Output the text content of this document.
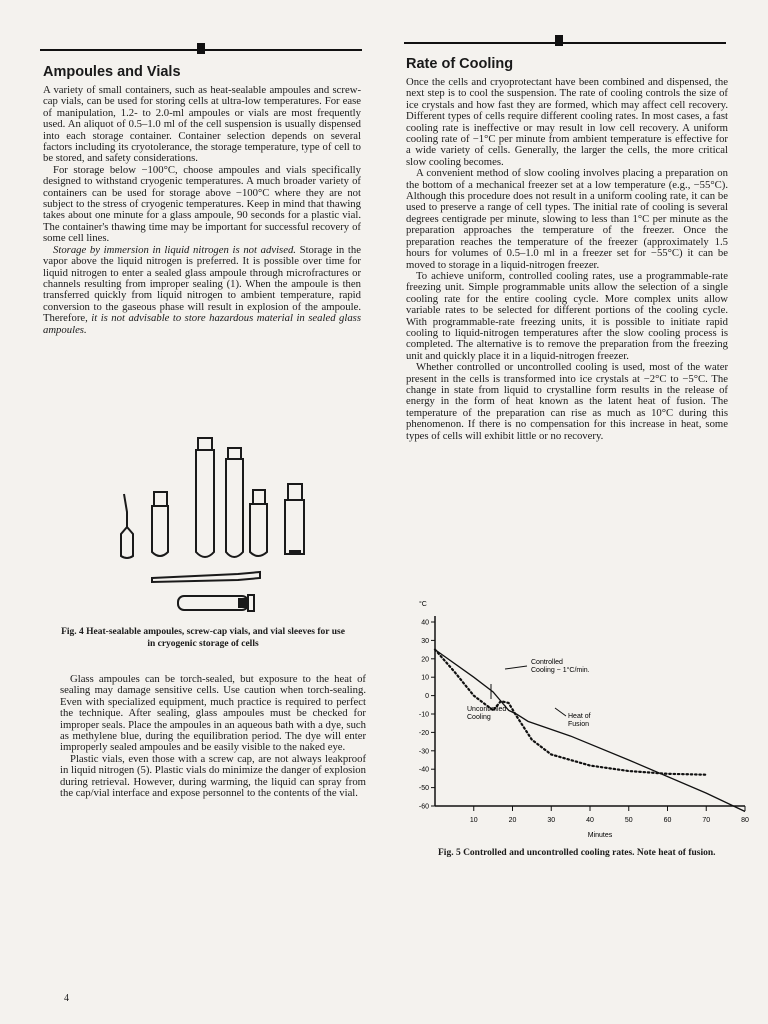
Ampoules and Vials

A variety of small containers, such as heat-sealable ampoules and screw-cap vials, can be used for storing cells at ultra-low temperatures. For ease of manipulation, 1.2- to 2.0-ml ampoules or vials are most frequently used. An aliquot of 0.5–1.0 ml of the cell suspension is usually dispensed into each storage container. Container selection depends on several factors including its cryotolerance, the storage temperature, type of cell to be stored, and safety considerations.

For storage below −100°C, choose ampoules and vials specifically designed to withstand cryogenic temperatures. A much broader variety of containers can be used for storage above −100°C where they are not subject to the stress of cryogenic temperatures. Keep in mind that thawing takes about one minute for a glass ampoule, 90 seconds for a plastic vial. The container's thawing time may be important for successful recovery of some cell lines.

Storage by immersion in liquid nitrogen is not advised. Storage in the vapor above the liquid nitrogen is preferred. It is possible over time for liquid nitrogen to enter a sealed glass ampoule through microfractures or channels resulting from improper sealing (1). When the ampoule is then transferred quickly from liquid nitrogen to ambient temperature, rapid conversion to the gaseous phase will result in explosion of the ampoule. Therefore, it is not advisable to store hazardous material in sealed glass ampoules.

Fig. 4 Heat-sealable ampoules, screw-cap vials, and vial sleeves for use in cryogenic storage of cells

Glass ampoules can be torch-sealed, but exposure to the heat of sealing may damage sensitive cells. Use caution when torch-sealing. Even with specialized equipment, much practice is required to perfect the technique. After sealing, glass ampoules must be checked for improper seals. Place the ampoules in an aqueous bath with a dye, such as methylene blue, during the equilibration period. The dye will enter improperly sealed ampoules and be easily visible to the naked eye.

Plastic vials, even those with a screw cap, are not always leakproof in liquid nitrogen (5). Plastic vials do minimize the danger of explosion during retrieval. However, during warming, the liquid can spray from the cap/vial interface and expose personnel to the contents of the vial.

Rate of Cooling

Once the cells and cryoprotectant have been combined and dispensed, the next step is to cool the suspension. The rate of cooling controls the size of ice crystals and how fast they are formed, which may affect cell recovery. Different types of cells require different cooling rates. In most cases, a fast cooling rate is ineffective or may result in low cell recovery. A uniform cooling rate of −1°C per minute from ambient temperature is effective for a wide variety of cells. Generally, the larger the cells, the more critical slow cooling becomes.

A convenient method of slow cooling involves placing a preparation on the bottom of a mechanical freezer set at a low temperature (e.g., −55°C). Although this procedure does not result in a uniform cooling rate, it can be used to preserve a range of cell types. The initial rate of cooling is several degrees centigrade per minute, slowing to less than 1°C per minute as the preparation approaches the temperature of the freezer. Once the preparation reaches the temperature of the freezer (approximately 1.5 hours for volumes of 0.5–1.0 ml in a freezer set for −55°C) it can be moved to storage in a liquid-nitrogen freezer.

To achieve uniform, controlled cooling rates, use a programmable-rate freezing unit. Simple programmable units allow the selection of a single cooling rate for the entire cooling cycle. More complex units allow variable rates to be selected for different portions of the cooling cycle. With programmable-rate freezing units, it is possible to initiate rapid cooling to liquid-nitrogen temperatures after the slow cooling process is completed. The alternative is to remove the preparation from the freezing unit and quickly place it in a liquid-nitrogen freezer.

Whether controlled or uncontrolled cooling is used, most of the water present in the cells is transformed into ice crystals at −2°C to −5°C. The change in state from liquid to crystalline form results in the release of energy in the form of heat known as the latent heat of fusion. The temperature of the preparation can rise as much as 10°C during this phenomenon. If there is no compensation for this increase in heat, some types of cells will exhibit little or no recovery.

°C
40
30
20
10
0
-10
-20
-30
-40
-50
-60
10	20	30	40	50	60	70	80
Minutes
Controlled Cooling − 1°C/min.
Uncontrolled Cooling	Heat of Fusion
Fig. 5 Controlled and uncontrolled cooling rates. Note heat of fusion.
4
